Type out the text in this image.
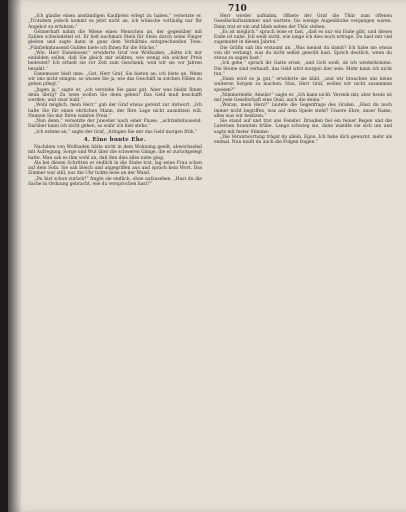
710

„Ich glaube einen anständigen Kaufpreis erlegt zu haben,“ versetzte er. „Trotzdem jedoch kommt es jetzt nicht an, ich wünsche vorläufig nur Ihr Angebot zu erfahren.“

Gönnerhaft nahm die Miene eines Menschen an, der gegenüber mit Zahlen schwindelnd ist. Er ließ nochmals Stein für Stein durch seine Finger gleiten und sagte dann in ganz dem Verhältnis entsprechenden Tone: „Fünfzehntausend Gulden biete ich Ihnen für die Stücke.“

„Wie, Herr Ennemoser,“ erwiderte Graf von Wolfsaden, „hätte ich mir einbilden sollen, daß Sie gleich mir wüßten, wie wenig ein solcher Preis bedeutet? Ich erhielt sie vor Zeit zum Geschenk, weil wir sie vor Jahren bezahlt.“

Ennemoser hielt inne. „Gut, Herr Graf, Sie bieten an; ich biete an. Wenn wir uns nicht einigen, so wissen Sie ja, wie das Geschäft in solchen Fällen zu gehen pflegt.“

„Jugen ja,“ sagte er, „ich verstehe Sie ganz gut. Aber was bleibt Ihnen denn übrig? Zu wem wollen Sie denn gehen? Das Geld muß beschafft werden, und zwar bald.“

„Wohl möglich, mein Herr,“ gab der Graf etwas gereizt zur Antwort. „Ich halte Sie für einen ehrlichen Mann, der Ihre Lage nicht ausnützen will. Nennen Sie mir Ihren wahren Preis.“

„Nun denn,“ versetzte der Juwelier nach einer Pause, „achtzehntausend. Darüber kann ich nicht gehen, so wahr ich hier stehe.“

„Ich nehme an,“ sagte der Graf, „bringen Sie mir das Geld morgen früh.“

4. Eine bunte Ehe.

Nachdem von Wolfsaden hätte nicht in dem Wohnung geeilt, abwechselnd mit Aufregung, Sorge und Wut über die schweren Gänge, die er zurückgelegt hatte. Man sah es ihm wohl an, daß ihm dies alles nahe ging.

Als bei diesen Schritten er endlich in die Stube trat, lag seine Frau schon auf dem Sofa. Sie sah bleich und angegriffen aus und sprach kein Wort. Das Zimmer war still, nur die Uhr tickte leise an der Wand.

„Du bist schon zurück?“ fragte sie endlich, ohne aufzusehen. „Hast du die Sache in Ordnung gebracht, wie du versprochen hast?“

Herr wieder aufnahm, öffnete der Graf die Thür zum offenen Gesellschaftszimmer und wartete, bis wenige Augenblicke vergangen waren. Dann trat er ein und blieb neben der Thür stehen.

„Es ist möglich,“ sprach leise er fast, „daß es nur ein Ende gibt, und dieses Ende ist nahe. Ich weiß nicht, wie lange ich dies noch ertrage. Du hast mir viel zugemutet in diesen Jahren.“

Die Gräfin sah ihn erstaunt an. „Was meinst du damit? Ich habe nie etwas von dir verlangt, was du nicht selbst gewollt hast. Sprich deutlich, wenn du etwas zu sagen hast.“

„Ich gehe,“ sprach ihr Gatte ernst, „und Gott weiß, ob ich wiederkomme. Die Steine sind verkauft, das Geld wird morgen hier sein. Mehr kann ich nicht tun.“

„Dann wird es ja gut,“ erwiderte sie kühl, „und wir brauchen uns keine weiteren Sorgen zu machen. Nun, Herr Graf, wollen wir nicht zusammen speisen?“

„Nimmermehr, Amelie!“ sagte er. „Ich kann nicht. Verzeih mir, aber heute ist mir jede Gesellschaft eine Qual, auch die deine.“

„Woran, mein Herz?“ lautete die Gegenfrage des Grafen. „Hast du noch immer nicht begriffen, was auf dem Spiele steht? Unsere Ehre, unser Name, alles was wir besitzen.“

Sie stand auf und trat ans Fenster. Draußen fiel ein feiner Regen und die Laternen brannten trübe. Lange schwieg sie, dann wandte sie sich um und sagte mit fester Stimme:

„Die Verantwortung trägst du allein, Egon. Ich habe dich gewarnt, mehr als einmal. Nun mußt du auch die Folgen tragen.“
